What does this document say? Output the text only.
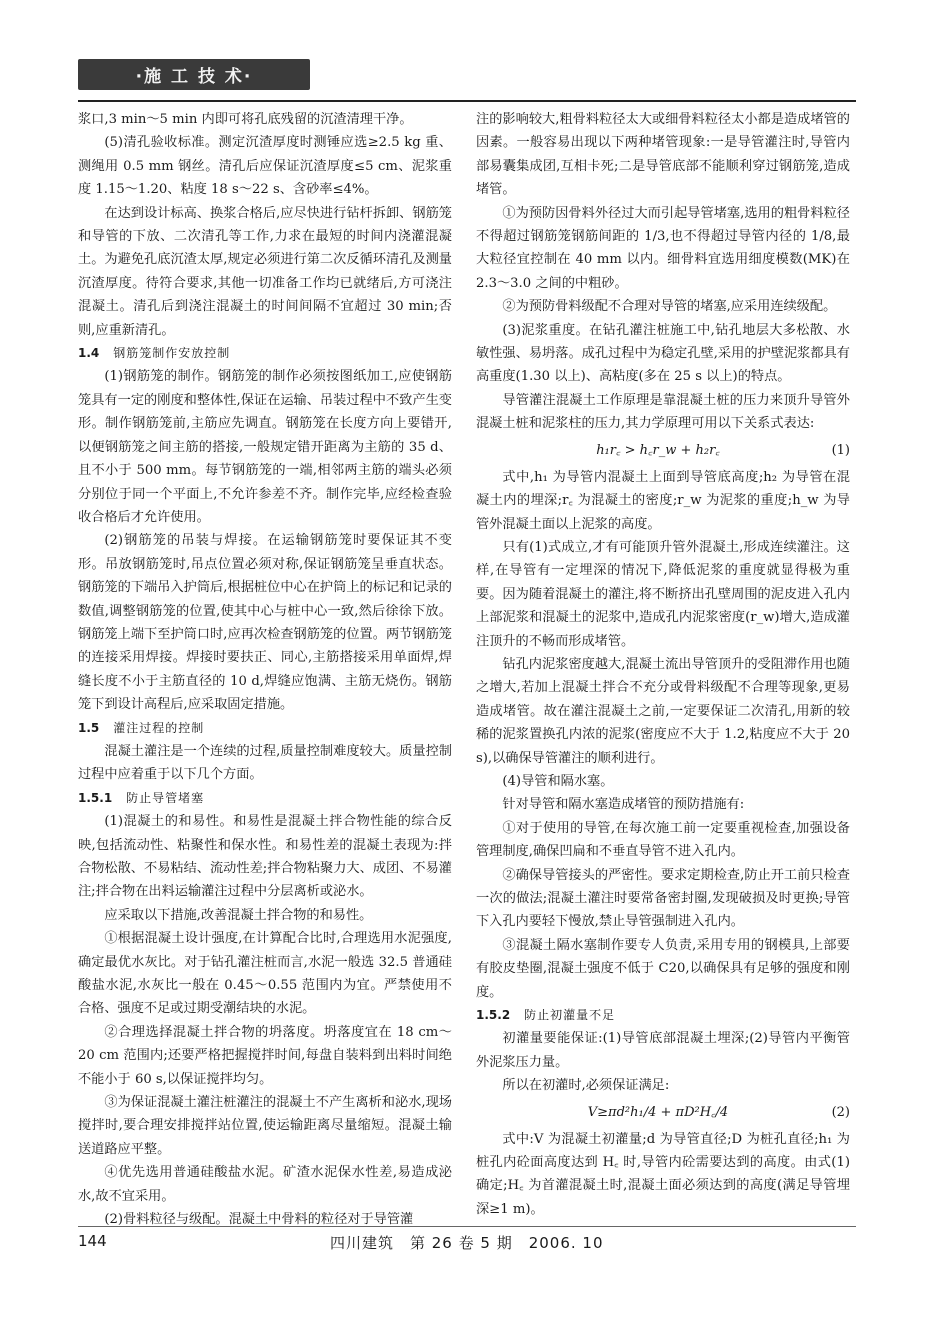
·施 工 技 术·

浆口,3 min～5 min 内即可将孔底残留的沉渣清理干净。

(5)清孔验收标准。测定沉渣厚度时测锤应选≥2.5 kg 重、测绳用 0.5 mm 钢丝。清孔后应保证沉渣厚度≤5 cm、泥浆重度 1.15～1.20、粘度 18 s～22 s、含砂率≤4%。

在达到设计标高、换浆合格后,应尽快进行钻杆拆卸、钢筋笼和导管的下放、二次清孔等工作,力求在最短的时间内浇灌混凝土。为避免孔底沉渣太厚,规定必须进行第二次反循环清孔及测量沉渣厚度。待符合要求,其他一切准备工作均已就绪后,方可浇注混凝土。清孔后到浇注混凝土的时间间隔不宜超过 30 min;否则,应重新清孔。

1.4 钢筋笼制作安放控制

(1)钢筋笼的制作。钢筋笼的制作必须按图纸加工,应使钢筋笼具有一定的刚度和整体性,保证在运输、吊装过程中不致产生变形。制作钢筋笼前,主筋应先调直。钢筋笼在长度方向上要错开,以便钢筋笼之间主筋的搭接,一般规定错开距离为主筋的 35 d、且不小于 500 mm。每节钢筋笼的一端,相邻两主筋的端头必须分别位于同一个平面上,不允许参差不齐。制作完毕,应经检查验收合格后才允许使用。

(2)钢筋笼的吊装与焊接。在运输钢筋笼时要保证其不变形。吊放钢筋笼时,吊点位置必须对称,保证钢筋笼呈垂直状态。钢筋笼的下端吊入护筒后,根据桩位中心在护筒上的标记和记录的数值,调整钢筋笼的位置,使其中心与桩中心一致,然后徐徐下放。钢筋笼上端下至护筒口时,应再次检查钢筋笼的位置。两节钢筋笼的连接采用焊接。焊接时要扶正、同心,主筋搭接采用单面焊,焊缝长度不小于主筋直径的 10 d,焊缝应饱满、主筋无烧伤。钢筋笼下到设计高程后,应采取固定措施。

1.5 灌注过程的控制

混凝土灌注是一个连续的过程,质量控制难度较大。质量控制过程中应着重于以下几个方面。

1.5.1 防止导管堵塞

(1)混凝土的和易性。和易性是混凝土拌合物性能的综合反映,包括流动性、粘聚性和保水性。和易性差的混凝土表现为:拌合物松散、不易粘结、流动性差;拌合物粘聚力大、成团、不易灌注;拌合物在出料运输灌注过程中分层离析或泌水。

应采取以下措施,改善混凝土拌合物的和易性。

①根据混凝土设计强度,在计算配合比时,合理选用水泥强度,确定最优水灰比。对于钻孔灌注桩而言,水泥一般选 32.5 普通硅酸盐水泥,水灰比一般在 0.45～0.55 范围内为宜。严禁使用不合格、强度不足或过期受潮结块的水泥。

②合理选择混凝土拌合物的坍落度。坍落度宜在 18 cm～20 cm 范围内;还要严格把握搅拌时间,每盘自装料到出料时间绝不能小于 60 s,以保证搅拌均匀。

③为保证混凝土灌注桩灌注的混凝土不产生离析和泌水,现场搅拌时,要合理安排搅拌站位置,使运输距离尽量缩短。混凝土输送道路应平整。

④优先选用普通硅酸盐水泥。矿渣水泥保水性差,易造成泌水,故不宜采用。

(2)骨料粒径与级配。混凝土中骨料的粒径对于导管灌

注的影响较大,粗骨料粒径太大或细骨料粒径太小都是造成堵管的因素。一般容易出现以下两种堵管现象:一是导管灌注时,导管内部易囊集成团,互相卡死;二是导管底部不能顺利穿过钢筋笼,造成堵管。

①为预防因骨料外径过大而引起导管堵塞,选用的粗骨料粒径不得超过钢筋笼钢筋间距的 1/3,也不得超过导管内径的 1/8,最大粒径宜控制在 40 mm 以内。细骨料宜选用细度模数(MK)在 2.3～3.0 之间的中粗砂。

②为预防骨料级配不合理对导管的堵塞,应采用连续级配。

(3)泥浆重度。在钻孔灌注桩施工中,钻孔地层大多松散、水敏性强、易坍落。成孔过程中为稳定孔壁,采用的护壁泥浆都具有高重度(1.30 以上)、高粘度(多在 25 s 以上)的特点。

导管灌注混凝土工作原理是靠混凝土桩的压力来顶升导管外混凝土桩和泥浆柱的压力,其力学原理可用以下关系式表达:

h₁r꜀ > h꜀r_w + h₂r꜀	(1)

式中,h₁ 为导管内混凝土上面到导管底高度;h₂ 为导管在混凝土内的埋深;r꜀ 为混凝土的密度;r_w 为泥浆的重度;h_w 为导管外混凝土面以上泥浆的高度。

只有(1)式成立,才有可能顶升管外混凝土,形成连续灌注。这样,在导管有一定埋深的情况下,降低泥浆的重度就显得极为重要。因为随着混凝土的灌注,将不断挤出孔壁周围的泥皮进入孔内上部泥浆和混凝土的泥浆中,造成孔内泥浆密度(r_w)增大,造成灌注顶升的不畅而形成堵管。

钻孔内泥浆密度越大,混凝土流出导管顶升的受阻滞作用也随之增大,若加上混凝土拌合不充分或骨料级配不合理等现象,更易造成堵管。故在灌注混凝土之前,一定要保证二次清孔,用新的较稀的泥浆置换孔内浓的泥浆(密度应不大于 1.2,粘度应不大于 20 s),以确保导管灌注的顺利进行。

(4)导管和隔水塞。

针对导管和隔水塞造成堵管的预防措施有:

①对于使用的导管,在每次施工前一定要重视检查,加强设备管理制度,确保凹扁和不垂直导管不进入孔内。

②确保导管接头的严密性。要求定期检查,防止开工前只检查一次的做法;混凝土灌注时要常备密封圈,发现破损及时更换;导管下入孔内要轻下慢放,禁止导管强制进入孔内。

③混凝土隔水塞制作要专人负责,采用专用的钢模具,上部要有胶皮垫圈,混凝土强度不低于 C20,以确保具有足够的强度和刚度。

1.5.2 防止初灌量不足

初灌量要能保证:(1)导管底部混凝土埋深;(2)导管内平衡管外泥浆压力量。

所以在初灌时,必须保证满足:

V≥πd²h₁/4 + πD²H꜀/4	(2)

式中:V 为混凝土初灌量;d 为导管直径;D 为桩孔直径;h₁ 为桩孔内砼面高度达到 H꜀ 时,导管内砼需要达到的高度。由式(1)确定;H꜀ 为首灌混凝土时,混凝土面必须达到的高度(满足导管埋深≥1 m)。

144	四川建筑　第 26 卷 5 期　2006. 10
